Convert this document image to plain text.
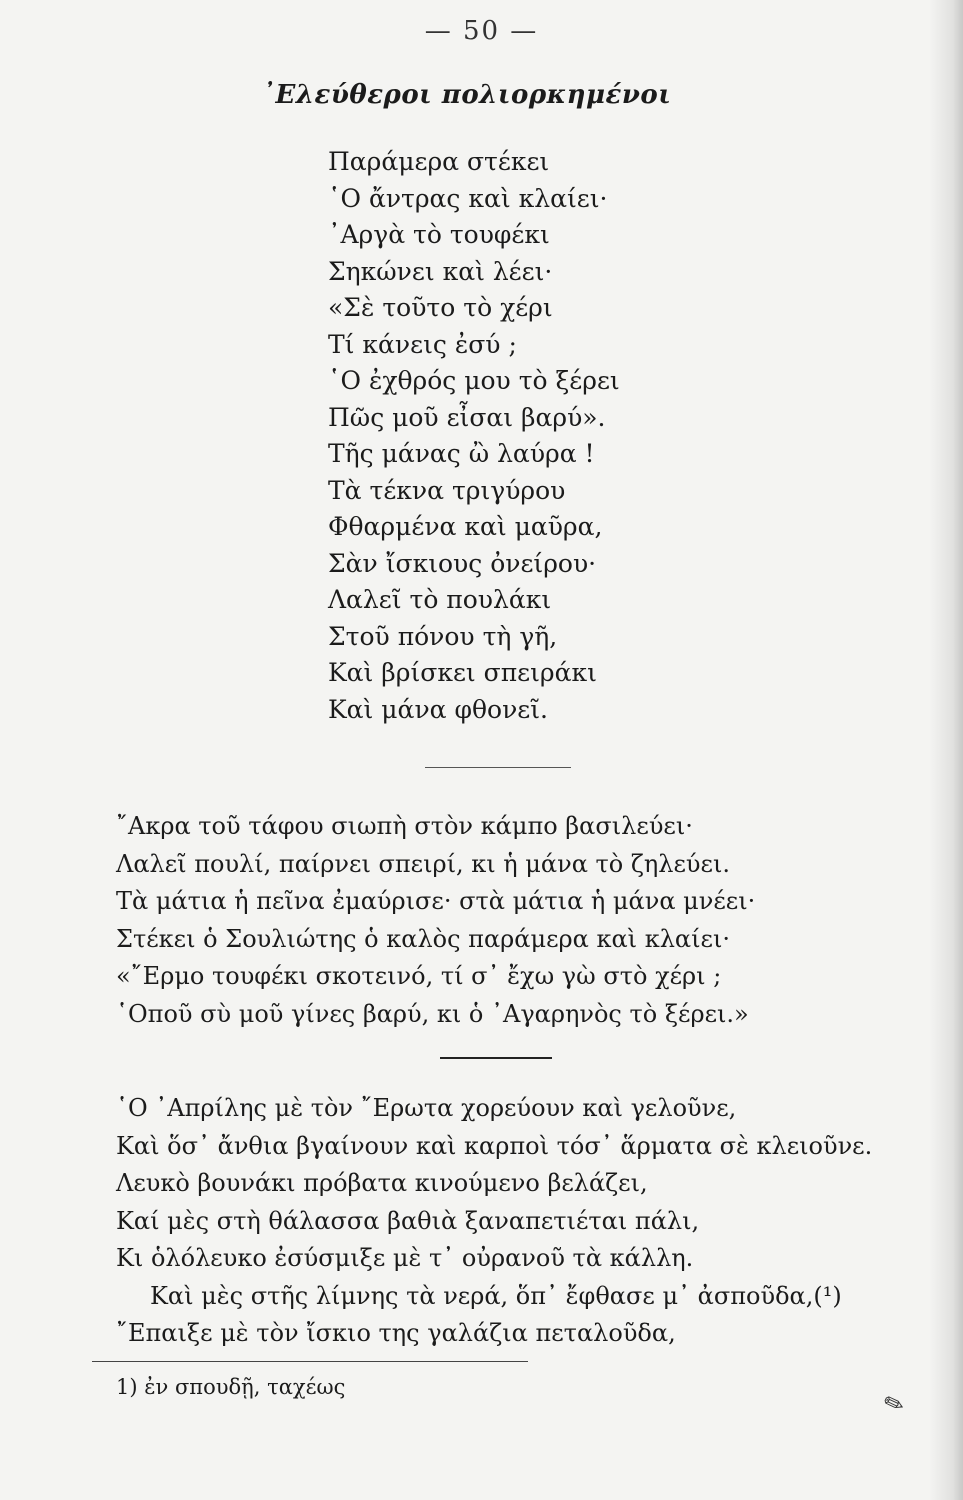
— 50 —
᾿Ελεύθεροι πολιορκημένοι
Παράμερα στέκει
῾Ο ἄντρας καὶ κλαίει·
᾿Αργὰ τὸ τουφέκι
Σηκώνει καὶ λέει·
«Σὲ τοῦτο τὸ χέρι
Τί κάνεις ἐσύ ;
῾Ο ἐχθρός μου τὸ ξέρει
Πῶς μοῦ εἶσαι βαρύ».
Τῆς μάνας ὢ λαύρα !
Τὰ τέκνα τριγύρου
Φθαρμένα καὶ μαῦρα,
Σὰν ἴσκιους ὀνείρου·
Λαλεῖ τὸ πουλάκι
Στοῦ πόνου τὴ γῆ,
Καὶ βρίσκει σπειράκι
Καὶ μάνα φθονεῖ.
῎Ακρα τοῦ τάφου σιωπὴ στὸν κάμπο βασιλεύει·
Λαλεῖ πουλί, παίρνει σπειρί, κι ἡ μάνα τὸ ζηλεύει.
Τὰ μάτια ἡ πεῖνα ἐμαύρισε· στὰ μάτια ἡ μάνα μνέει·
Στέκει ὁ Σουλιώτης ὁ καλὸς παράμερα καὶ κλαίει·
«῎Ερμο τουφέκι σκοτεινό, τί σ᾿ ἔχω γὼ στὸ χέρι ;
῾Οποῦ σὺ μοῦ γίνες βαρύ, κι ὁ ᾿Αγαρηνὸς τὸ ξέρει.»
῾Ο ᾿Απρίλης μὲ τὸν ῎Ερωτα χορεύουν καὶ γελοῦνε,
Καὶ ὅσ᾿ ἄνθια βγαίνουν καὶ καρποὶ τόσ᾿ ἅρματα σὲ κλειοῦνε.
Λευκὸ βουνάκι πρόβατα κινούμενο βελάζει,
Καί μὲς στὴ θάλασσα βαθιὰ ξαναπετιέται πάλι,
Κι ὁλόλευκο ἐσύσμιξε μὲ τ᾿ οὐρανοῦ τὰ κάλλη.
Καὶ μὲς στῆς λίμνης τὰ νερά, ὅπ᾿ ἔφθασε μ᾿ ἀσποῦδα,(¹)
῎Επαιξε μὲ τὸν ἴσκιο της γαλάζια πεταλοῦδα,
1) ἐν σπουδῇ, ταχέως
✎
